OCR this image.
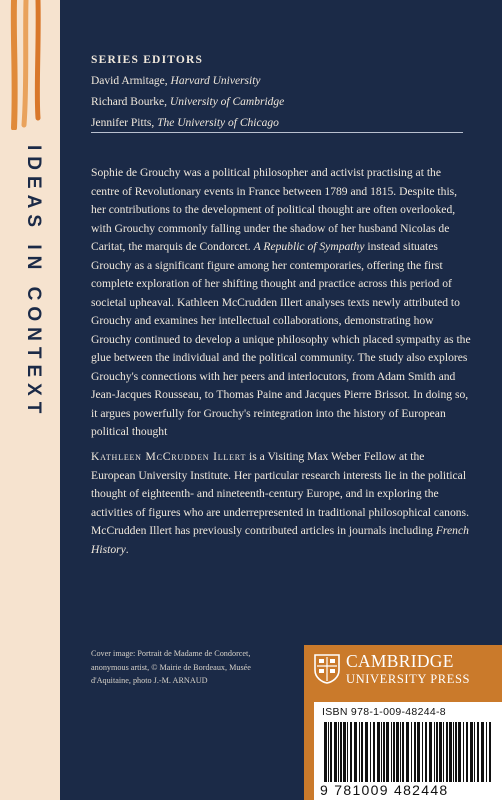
IDEAS IN CONTEXT
SERIES EDITORS
David Armitage, Harvard University
Richard Bourke, University of Cambridge
Jennifer Pitts, The University of Chicago
Sophie de Grouchy was a political philosopher and activist practising at the centre of Revolutionary events in France between 1789 and 1815. Despite this, her contributions to the development of political thought are often overlooked, with Grouchy commonly falling under the shadow of her husband Nicolas de Caritat, the marquis de Condorcet. A Republic of Sympathy instead situates Grouchy as a significant figure among her contemporaries, offering the first complete exploration of her shifting thought and practice across this period of societal upheaval. Kathleen McCrudden Illert analyses texts newly attributed to Grouchy and examines her intellectual collaborations, demonstrating how Grouchy continued to develop a unique philosophy which placed sympathy as the glue between the individual and the political community. The study also explores Grouchy's connections with her peers and interlocutors, from Adam Smith and Jean-Jacques Rousseau, to Thomas Paine and Jacques Pierre Brissot. In doing so, it argues powerfully for Grouchy's reintegration into the history of European political thought
Kathleen McCrudden Illert is a Visiting Max Weber Fellow at the European University Institute. Her particular research interests lie in the political thought of eighteenth- and nineteenth-century Europe, and in exploring the activities of figures who are underrepresented in traditional philosophical canons. McCrudden Illert has previously contributed articles in journals including French History.
Cover image: Portrait de Madame de Condorcet, anonymous artist, © Mairie de Bordeaux, Musée d'Aquitaine, photo J.-M. ARNAUD
CAMBRIDGE
UNIVERSITY PRESS
ISBN 978-1-009-48244-8
9 781009 482448
